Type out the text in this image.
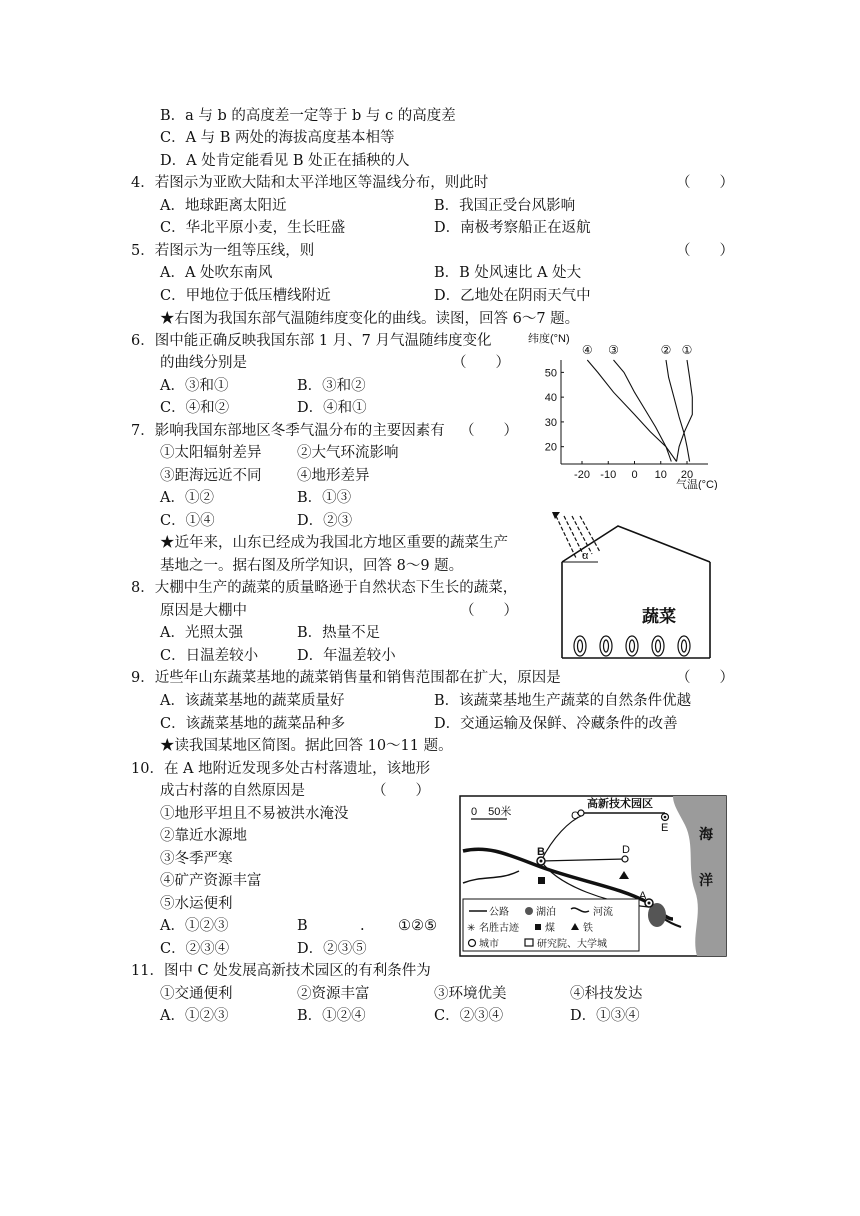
B．a 与 b 的高度差一定等于 b 与 c 的高度差
C．A 与 B 两处的海拔高度基本相等
D．A 处肯定能看见 B 处正在插秧的人
4．若图示为亚欧大陆和太平洋地区等温线分布，则此时	（　　）
A．地球距离太阳近	B．我国正受台风影响
C．华北平原小麦，生长旺盛	D．南极考察船正在返航
5．若图示为一组等压线，则	（　　）
A．A 处吹东南风	B．B 处风速比 A 处大
C．甲地位于低压槽线附近	D．乙地处在阴雨天气中
★右图为我国东部气温随纬度变化的曲线。读图，回答 6～7 题。
6．图中能正确反映我国东部 1 月、7 月气温随纬度变化
的曲线分别是	（　　）
A．③和①	B．③和②
C．④和②	D．④和①
7．影响我国东部地区冬季气温分布的主要因素有 （　　）
①太阳辐射差异 ②大气环流影响
③距海远近不同 ④地形差异
A．①②	B．①③
C．①④	D．②③
纬度(°N)
20
30
40
50
-20 -10 0 10 20
④ ③	② ①
气温(°C)
★近年来，山东已经成为我国北方地区重要的蔬菜生产
基地之一。据右图及所学知识，回答 8～9 题。
α
蔬菜
8．大棚中生产的蔬菜的质量略逊于自然状态下生长的蔬菜，
原因是大棚中	（　　）
A．光照太强	B．热量不足
C．日温差较小	D．年温差较小
9．近些年山东蔬菜基地的蔬菜销售量和销售范围都在扩大，原因是	（　　）
A．该蔬菜基地的蔬菜质量好	B．该蔬菜基地生产蔬菜的自然条件优越
C．该蔬菜基地的蔬菜品种多	D．交通运输及保鲜、冷藏条件的改善
★读我国某地区简图。据此回答 10～11 题。
10．在 A 地附近发现多处古村落遗址，该地形
成古村落的自然原因是	（　　）
①地形平坦且不易被洪水淹没
②靠近水源地
③冬季严寒
④矿产资源丰富
⑤水运便利
A．①②③	B	. ①②⑤
C．②③④	D．②③⑤
海
洋
0　50米
A
B
C
D
E
高新技术园区
公路	湖泊	河流
✳ 名胜古迹	煤	铁
城市	研究院、大学城
11．图中 C 处发展高新技术园区的有利条件为
①交通便利	②资源丰富	③环境优美	④科技发达
A．①②③	B．①②④	C．②③④	D．①③④
